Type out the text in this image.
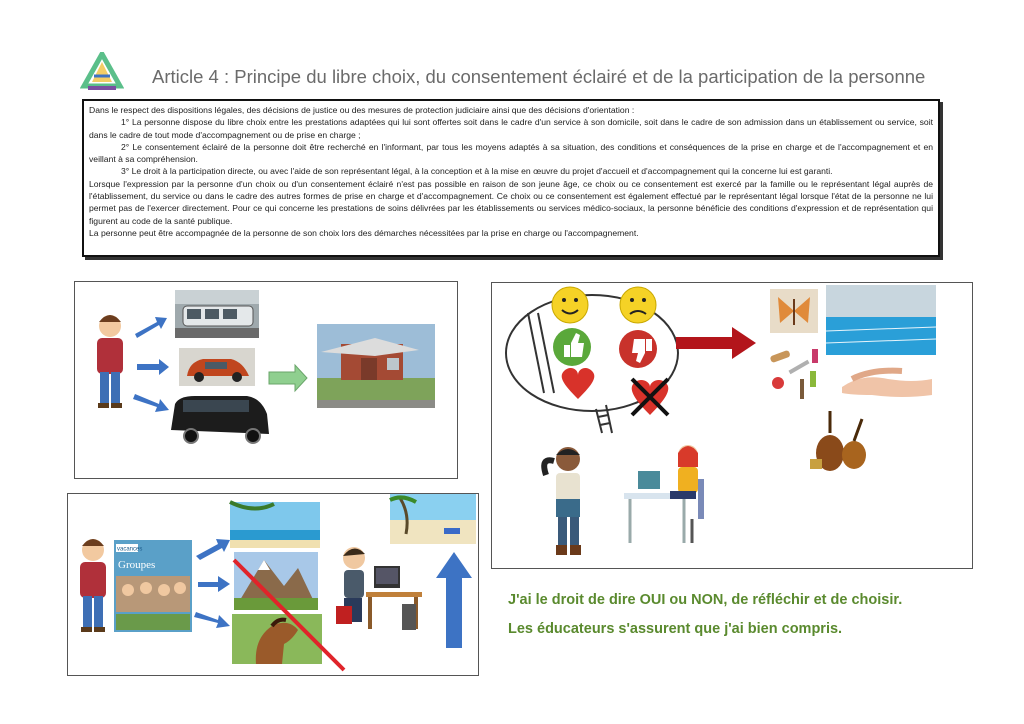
Article 4 : Principe du libre choix, du consentement éclairé et de la participation de la personne

Dans le respect des dispositions légales, des décisions de justice ou des mesures de protection judiciaire ainsi que des décisions d'orientation :

1° La personne dispose du libre choix entre les prestations adaptées qui lui sont offertes soit dans le cadre d'un service à son domicile, soit dans le cadre de son admission dans un établissement ou service, soit dans le cadre de tout mode d'accompagnement ou de prise en charge ;

2° Le consentement éclairé de la personne doit être recherché en l'informant, par tous les moyens adaptés à sa situation, des conditions et conséquences de la prise en charge et de l'accompagnement et en veillant à sa compréhension.

3° Le droit à la participation directe, ou avec l'aide de son représentant légal, à la conception et à la mise en œuvre du projet d'accueil et d'accompagnement qui la concerne lui est garanti.

Lorsque l'expression par la personne d'un choix ou d'un consentement éclairé n'est pas possible en raison de son jeune âge, ce choix ou ce consentement est exercé par la famille ou le représentant légal auprès de l'établissement, du service ou dans le cadre des autres formes de prise en charge et d'accompagnement. Ce choix ou ce consentement est également effectué par le représentant légal lorsque l'état de la personne ne lui permet pas de l'exercer directement. Pour ce qui concerne les prestations de soins délivrées par les établissements ou services médico-sociaux, la personne bénéficie des conditions d'expression et de représentation qui figurent au code de la santé publique.

La personne peut être accompagnée de la personne de son choix lors des démarches nécessitées par la prise en charge ou l'accompagnement.

vacances
Groupes
J'ai le droit de dire OUI ou NON, de réfléchir et de choisir.
Les éducateurs s'assurent que j'ai bien compris.
